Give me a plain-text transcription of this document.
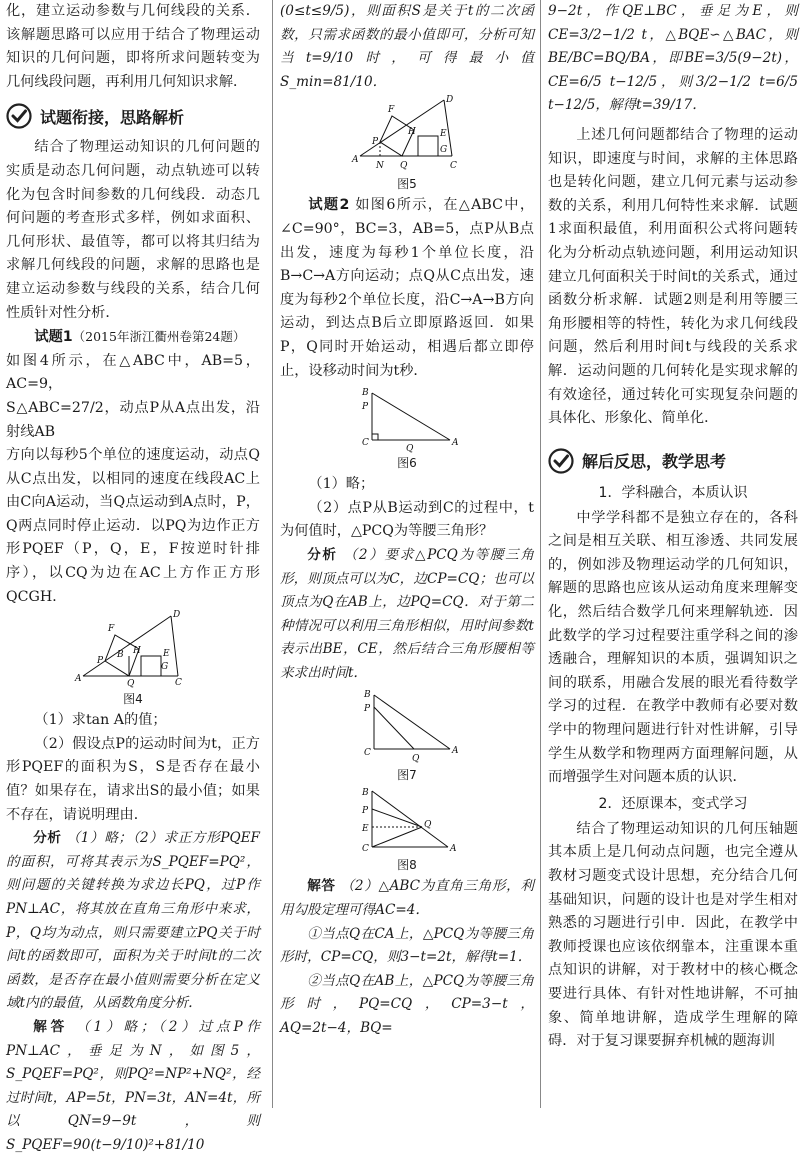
化，建立运动参数与几何线段的关系．该解题思路可以应用于结合了物理运动知识的几何问题，即将所求问题转变为几何线段问题，再利用几何知识求解．

试题衔接，思路解析

结合了物理运动知识的几何问题的实质是动态几何问题，动点轨迹可以转化为包含时间参数的几何线段．动态几何问题的考查形式多样，例如求面积、几何形状、最值等，都可以将其归结为求解几何线段的问题，求解的思路也是建立运动参数与线段的关系，结合几何性质针对性分析．

试题1（2015年浙江衢州卷第24题）

如图4所示，在△ABC中，AB=5，AC=9，

S△ABC=27/2，动点P从A点出发，沿射线AB

方向以每秒5个单位的速度运动，动点Q从C点出发，以相同的速度在线段AC上由C向A运动，当Q点运动到A点时，P，Q两点同时停止运动．以PQ为边作正方形PQEF（P，Q，E，F按逆时针排序），以CQ为边在AC上方作正方形QCGH．

A
P
F
D
B	E
Q
G
C
H
图4

（1）求tan A的值；

（2）假设点P的运动时间为t，正方形PQEF的面积为S，S是否存在最小值？如果存在，请求出S的最小值；如果不存在，请说明理由．

分析 （1）略；（2）求正方形PQEF的面积，可将其表示为S_PQEF=PQ²，则问题的关键转换为求边长PQ，过P作PN⊥AC，将其放在直角三角形中来求，P，Q均为动点，则只需要建立PQ关于时间t的函数即可，面积为关于时间t的二次函数，是否存在最小值则需要分析在定义域t内的最值，从函数角度分析．

解答 （1）略；（2）过点P作PN⊥AC，垂足为N，如图5，S_PQEF=PQ²，则PQ²=NP²+NQ²，经过时间t，AP=5t，PN=3t，AN=4t，所以QN=9−9t，则S_PQEF=90(t−9/10)²+81/10

(0≤t≤9/5)，则面积S是关于t的二次函数，只需求函数的最小值即可，分析可知当t=9/10时，可得最小值S_min=81/10．

A
P
N
F
D
E
Q
G
C
H
图5

试题2 如图6所示，在△ABC中，∠C=90°，BC=3，AB=5，点P从B点出发，速度为每秒1个单位长度，沿B→C→A方向运动；点Q从C点出发，速度为每秒2个单位长度，沿C→A→B方向运动，到达点B后立即原路返回．如果P，Q同时开始运动，相遇后都立即停止，设移动时间为t秒．

B
P
C
Q
A
图6

（1）略；

（2）点P从B运动到C的过程中，t为何值时，△PCQ为等腰三角形？

分析 （2）要求△PCQ为等腰三角形，则顶点可以为C，边CP=CQ；也可以顶点为Q在AB上，边PQ=CQ．对于第二种情况可以利用三角形相似，用时间参数t表示出BE，CE，然后结合三角形腰相等来求出时间t．

B
P
C
Q
A
图7
B
P
E
C
Q
A
图8

解答 （2）△ABC为直角三角形，利用勾股定理可得AC=4．

①当点Q在CA上，△PCQ为等腰三角形时，CP=CQ，则3−t=2t，解得t=1．

②当点Q在AB上，△PCQ为等腰三角形时，PQ=CQ，CP=3−t，AQ=2t−4，BQ=

9−2t，作QE⊥BC，垂足为E，则CE=3/2−1/2 t，△BQE∽△BAC，则BE/BC=BQ/BA，即BE=3/5(9−2t)，CE=6/5 t−12/5，则3/2−1/2 t=6/5 t−12/5，解得t=39/17．

上述几何问题都结合了物理的运动知识，即速度与时间，求解的主体思路也是转化问题，建立几何元素与运动参数的关系，利用几何特性来求解．试题1求面积最值，利用面积公式将问题转化为分析动点轨迹问题，利用运动知识建立几何面积关于时间t的关系式，通过函数分析求解．试题2则是利用等腰三角形腰相等的特性，转化为求几何线段问题，然后利用时间t与线段的关系求解．运动问题的几何转化是实现求解的有效途径，通过转化可实现复杂问题的具体化、形象化、简单化．

解后反思，教学思考
1．学科融合，本质认识

中学学科都不是独立存在的，各科之间是相互关联、相互渗透、共同发展的，例如涉及物理运动学的几何知识，解题的思路也应该从运动角度来理解变化，然后结合数学几何来理解轨迹．因此数学的学习过程要注重学科之间的渗透融合，理解知识的本质，强调知识之间的联系，用融合发展的眼光看待数学学习的过程．在教学中教师有必要对数学中的物理问题进行针对性讲解，引导学生从数学和物理两方面理解问题，从而增强学生对问题本质的认识．

2．还原课本，变式学习

结合了物理运动知识的几何压轴题其本质上是几何动点问题，也完全遵从教材习题变式设计思想，充分结合几何基础知识，问题的设计也是对学生相对熟悉的习题进行引申．因此，在教学中教师授课也应该依纲靠本，注重课本重点知识的讲解，对于教材中的核心概念要进行具体、有针对性地讲解，不可抽象、简单地讲解，造成学生理解的障碍．对于复习课要摒弃机械的题海训
